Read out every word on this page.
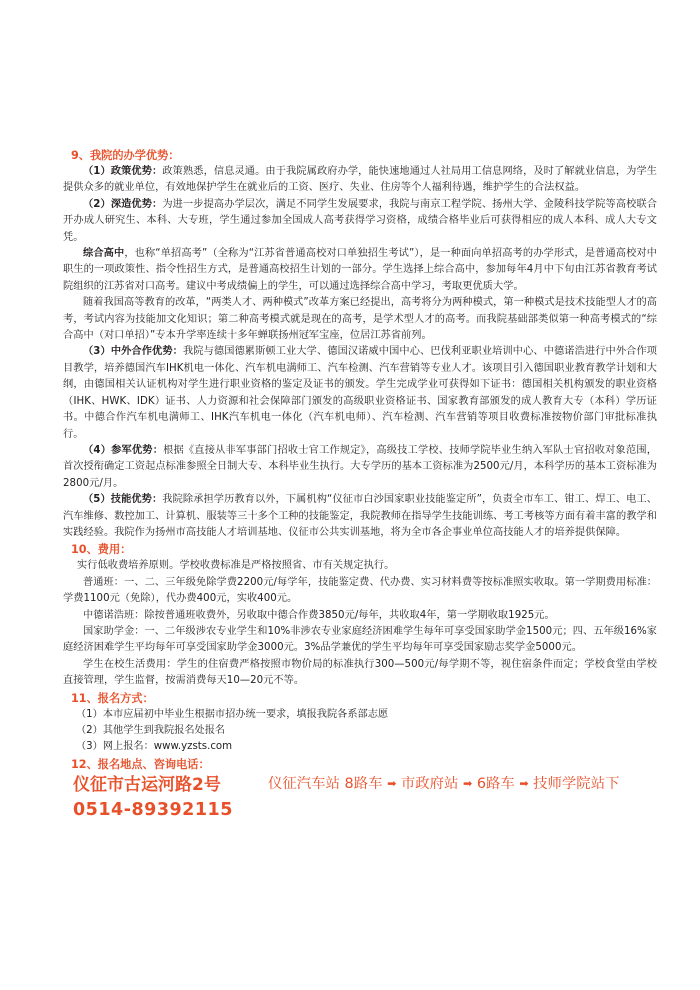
9、我院的办学优势：

（1）政策优势：政策熟悉，信息灵通。由于我院属政府办学，能快速地通过人社局用工信息网络，及时了解就业信息，为学生提供众多的就业单位，有效地保护学生在就业后的工资、医疗、失业、住房等个人福利待遇，维护学生的合法权益。

（2）深造优势：为进一步提高办学层次，满足不同学生发展要求，我院与南京工程学院、扬州大学、金陵科技学院等高校联合开办成人研究生、本科、大专班，学生通过参加全国成人高考获得学习资格，成绩合格毕业后可获得相应的成人本科、成人大专文凭。

综合高中，也称“单招高考”（全称为“江苏省普通高校对口单独招生考试”），是一种面向单招高考的办学形式，是普通高校对中职生的一项政策性、指令性招生方式，是普通高校招生计划的一部分。学生选择上综合高中，参加每年4月中下旬由江苏省教育考试院组织的江苏省对口高考。建议中考成绩偏上的学生，可以通过选择综合高中学习，考取更优质大学。

随着我国高等教育的改革，“两类人才、两种模式”改革方案已经提出，高考将分为两种模式，第一种模式是技术技能型人才的高考，考试内容为技能加文化知识；第二种高考模式就是现在的高考，是学术型人才的高考。而我院基础部类似第一种高考模式的“综合高中（对口单招）”专本升学率连续十多年蝉联扬州冠军宝座，位居江苏省前列。

（3）中外合作优势：我院与德国德累斯顿工业大学、德国汉诺威中国中心、巴伐利亚职业培训中心、中德诺浩进行中外合作项目教学，培养德国汽车IHK机电一体化、汽车机电满师工、汽车检测、汽车营销等专业人才。该项目引入德国职业教育教学计划和大纲，由德国相关认证机构对学生进行职业资格的鉴定及证书的颁发。学生完成学业可获得如下证书：德国相关机构颁发的职业资格（IHK、HWK、IDK）证书、人力资源和社会保障部门颁发的高级职业资格证书、国家教育部颁发的成人教育大专（本科）学历证书。中德合作汽车机电满师工、IHK汽车机电一体化（汽车机电师）、汽车检测、汽车营销等项目收费标准按物价部门审批标准执行。

（4）参军优势：根据《直接从非军事部门招收士官工作规定》，高级技工学校、技师学院毕业生纳入军队士官招收对象范围，首次授衔确定工资起点标准参照全日制大专、本科毕业生执行。大专学历的基本工资标准为2500元/月，本科学历的基本工资标准为2800元/月。

（5）技能优势：我院除承担学历教育以外，下属机构“仪征市白沙国家职业技能鉴定所”，负责全市车工、钳工、焊工、电工、汽车维修、数控加工、计算机、服装等三十多个工种的技能鉴定，我院教师在指导学生技能训练、考工考核等方面有着丰富的教学和实践经验。我院作为扬州市高技能人才培训基地、仪征市公共实训基地，将为全市各企事业单位高技能人才的培养提供保障。

10、费用：

实行低收费培养原则。学校收费标准是严格按照省、市有关规定执行。

普通班：一、二、三年级免除学费2200元/每学年，技能鉴定费、代办费、实习材料费等按标准照实收取。第一学期费用标准：学费1100元（免除），代办费400元，实收400元。

中德诺浩班：除按普通班收费外，另收取中德合作费3850元/每年，共收取4年，第一学期收取1925元。

国家助学金：一、二年级涉农专业学生和10%非涉农专业家庭经济困难学生每年可享受国家助学金1500元；四、五年级16%家庭经济困难学生平均每年可享受国家助学金3000元。3%品学兼优的学生平均每年可享受国家励志奖学金5000元。

学生在校生活费用：学生的住宿费严格按照市物价局的标准执行300—500元/每学期不等，视住宿条件而定；学校食堂由学校直接管理，学生监督，按需消费每天10—20元不等。

11、报名方式：

（1）本市应届初中毕业生根据市招办统一要求，填报我院各系部志愿

（2）其他学生到我院报名处报名

（3）网上报名：www.yzsts.com

12、报名地点、咨询电话：

仪征市古运河路2号	仪征汽车站 8路车 ➡ 市政府站 ➡ 6路车 ➡ 技师学院站下

0514-89392115
